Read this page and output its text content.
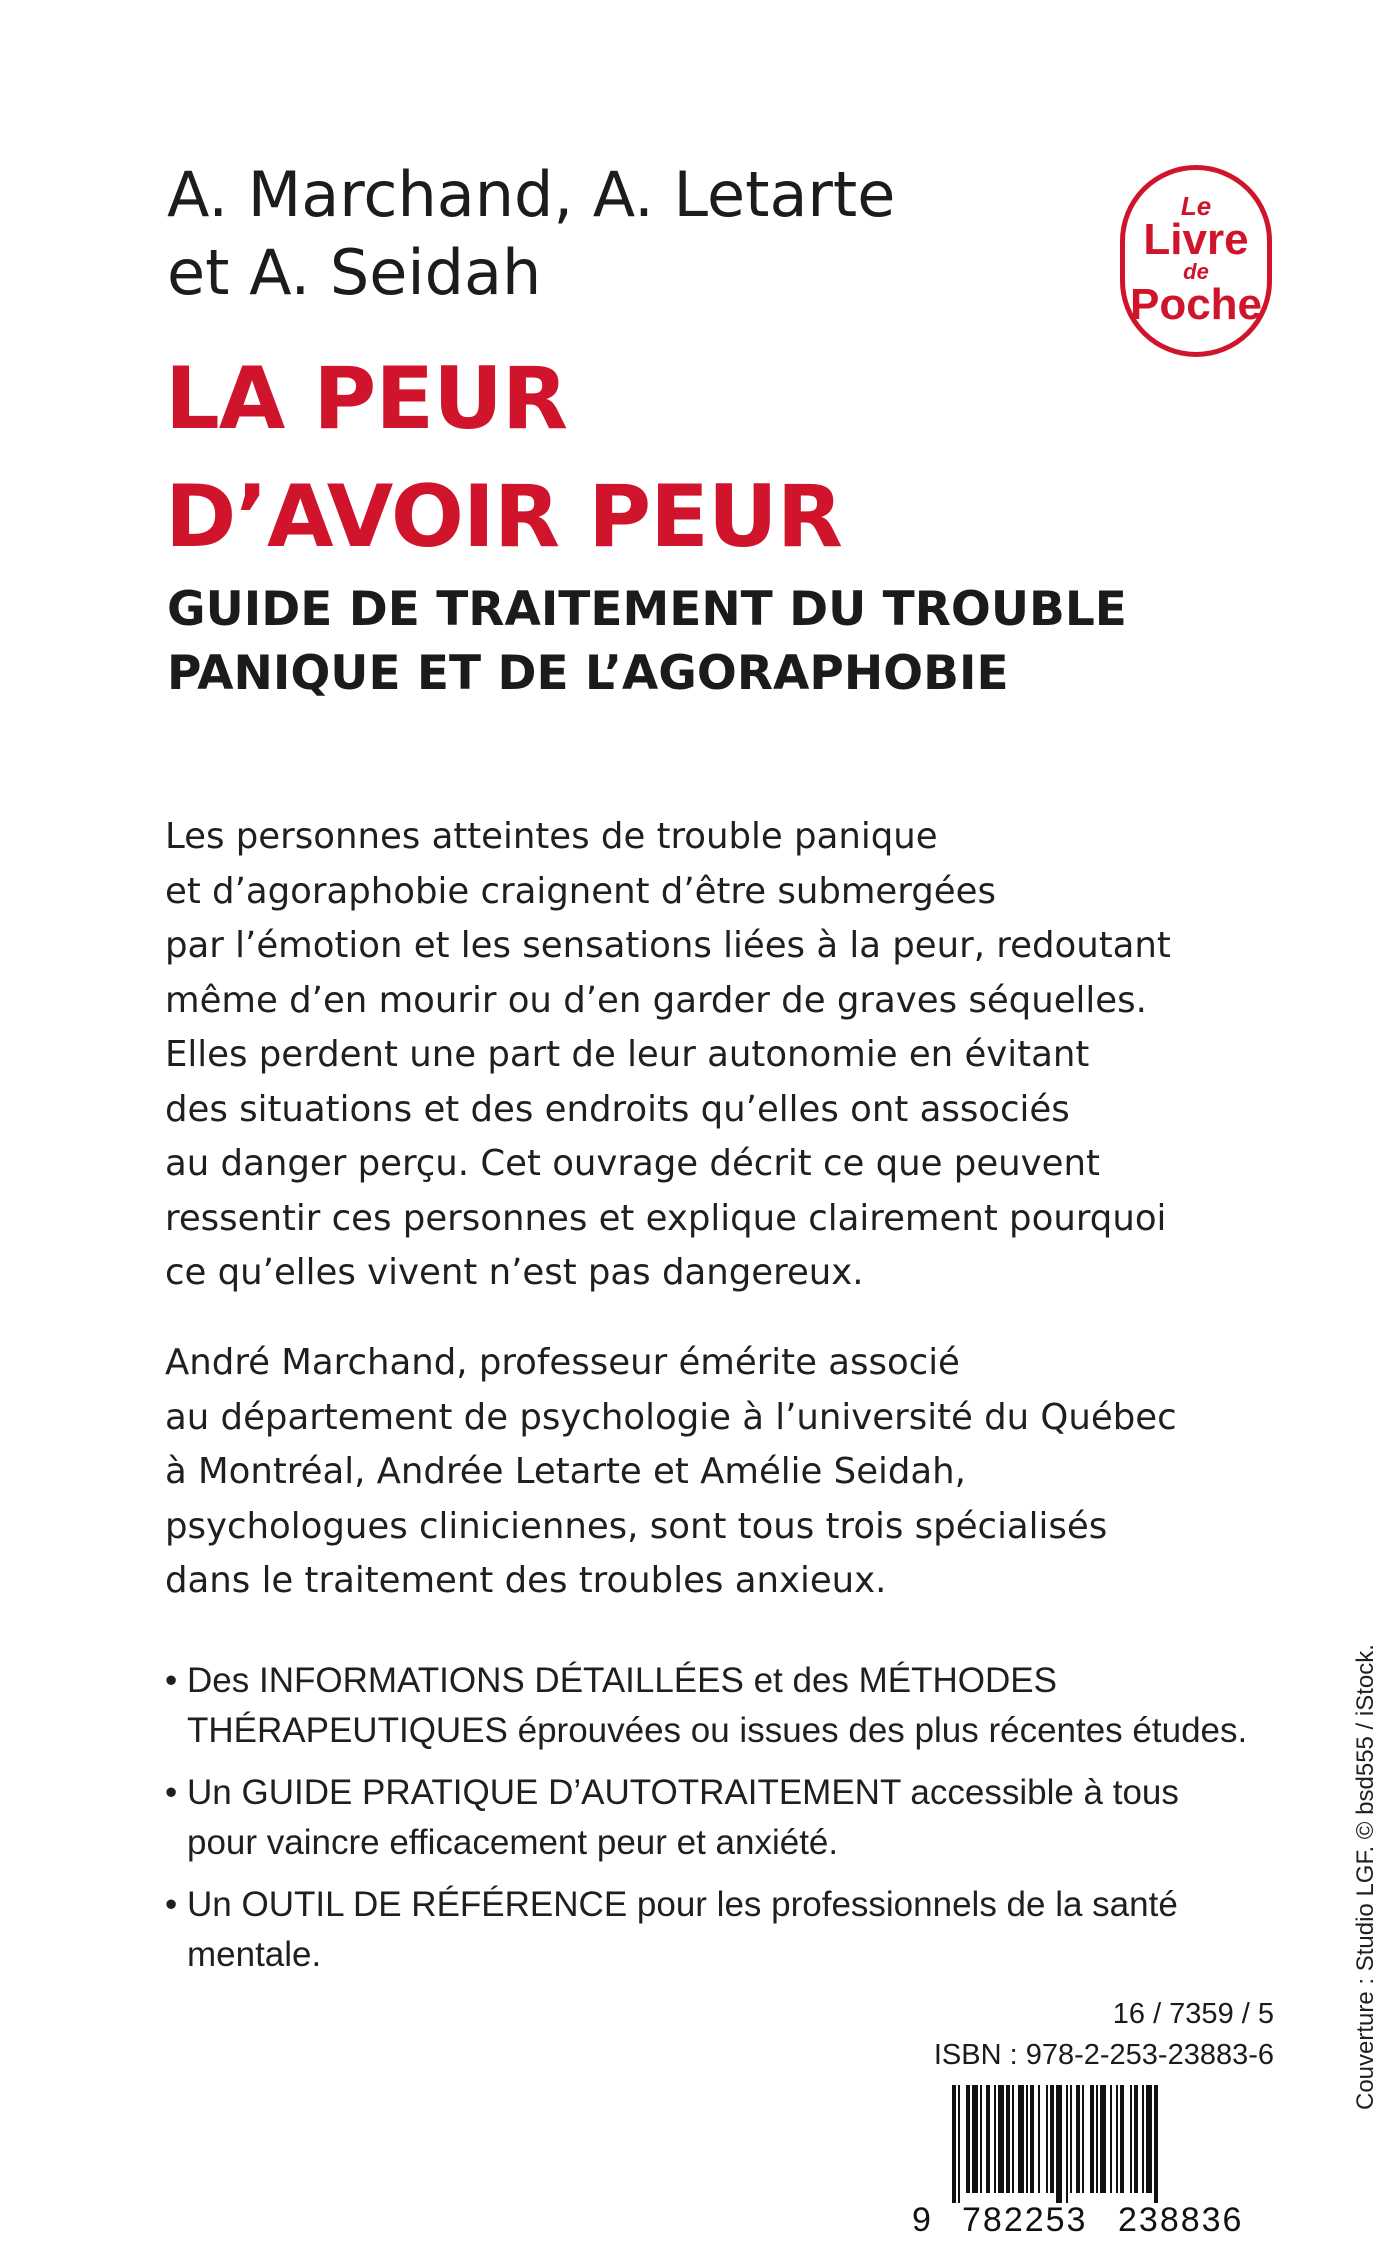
A. Marchand, A. Letarte
et A. Seidah
Le
Livre
de
Poche
LA PEUR
D’AVOIR PEUR
GUIDE DE TRAITEMENT DU TROUBLE
PANIQUE ET DE L’AGORAPHOBIE
Les personnes atteintes de trouble panique
et d’agoraphobie craignent d’être submergées
par l’émotion et les sensations liées à la peur, redoutant
même d’en mourir ou d’en garder de graves séquelles.
Elles perdent une part de leur autonomie en évitant
des situations et des endroits qu’elles ont associés
au danger perçu. Cet ouvrage décrit ce que peuvent
ressentir ces personnes et explique clairement pourquoi
ce qu’elles vivent n’est pas dangereux.
André Marchand, professeur émérite associé
au département de psychologie à l’université du Québec
à Montréal, Andrée Letarte et Amélie Seidah,
psychologues cliniciennes, sont tous trois spécialisés
dans le traitement des troubles anxieux.
• Des INFORMATIONS DÉTAILLÉES et des MÉTHODES
THÉRAPEUTIQUES éprouvées ou issues des plus récentes études.
• Un GUIDE PRATIQUE D’AUTOTRAITEMENT accessible à tous
pour vaincre efficacement peur et anxiété.
• Un OUTIL DE RÉFÉRENCE pour les professionnels de la santé
mentale.
16 / 7359 / 5
ISBN : 978-2-253-23883-6
9 782253 238836
Couverture : Studio LGF. © bsd555 / iStock.
